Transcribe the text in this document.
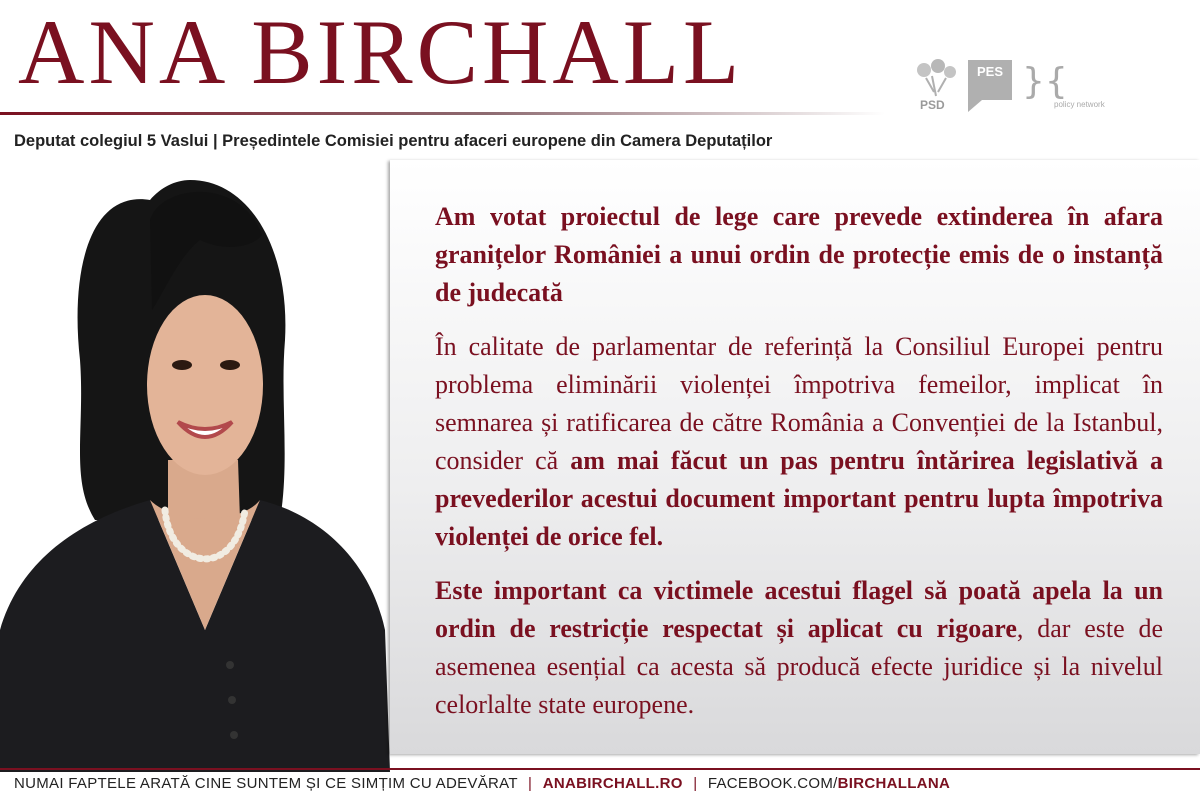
ANA BIRCHALL
Deputat colegiul 5 Vaslui | Președintele Comisiei pentru afaceri europene din Camera Deputaților
PSD
PES }{
policy network

Am votat proiectul de lege care prevede extinderea în afara granițelor României a unui ordin de protecție emis de o instanță de judecată

În calitate de parlamentar de referință la Consiliul Europei pentru problema eliminării violenței împotriva femeilor, implicat în semnarea și ratificarea de către România a Convenției de la Istanbul, consider că am mai făcut un pas pentru întărirea legislativă a prevederilor acestui document important pentru lupta împotriva violenței de orice fel.

Este important ca victimele acestui flagel să poată apela la un ordin de restricție respectat și aplicat cu rigoare, dar este de asemenea esențial ca acesta să producă efecte juridice și la nivelul celorlalte state europene.

NUMAI FAPTELE ARATĂ CINE SUNTEM ȘI CE SIMȚIM CU ADEVĂRAT | ANABIRCHALL.RO | FACEBOOK.COM/BIRCHALLANA
